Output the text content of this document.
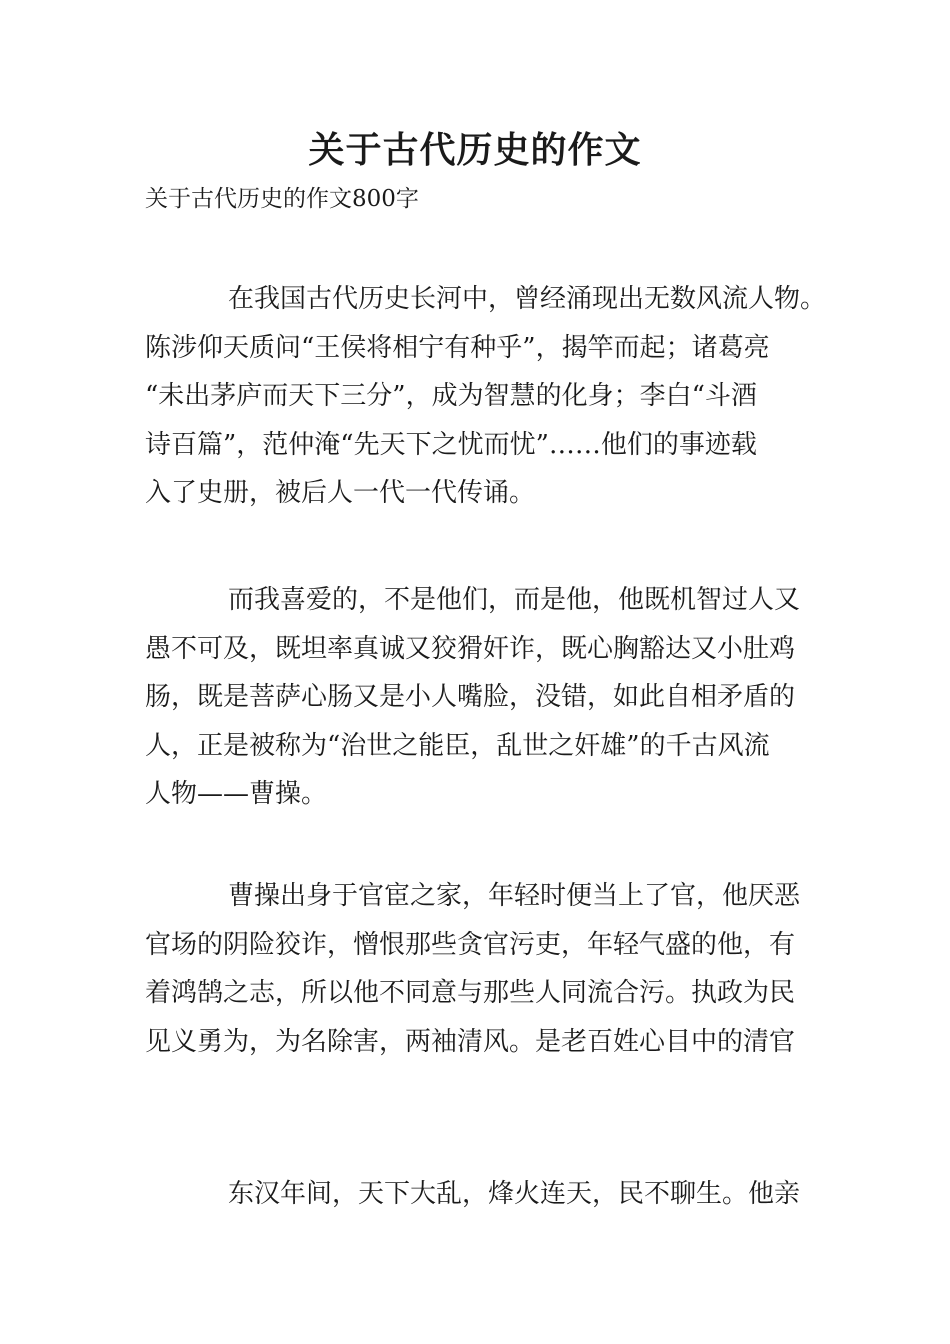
关于古代历史的作文
关于古代历史的作文800字
在我国古代历史长河中，曾经涌现出无数风流人物。
陈涉仰天质问“王侯将相宁有种乎”，揭竿而起；诸葛亮
“未出茅庐而天下三分”，成为智慧的化身；李白“斗酒
诗百篇”，范仲淹“先天下之忧而忧”……他们的事迹载
入了史册，被后人一代一代传诵。
而我喜爱的，不是他们，而是他，他既机智过人又
愚不可及，既坦率真诚又狡猾奸诈，既心胸豁达又小肚鸡
肠，既是菩萨心肠又是小人嘴脸，没错，如此自相矛盾的
人，正是被称为“治世之能臣，乱世之奸雄”的千古风流
人物——曹操。
曹操出身于官宦之家，年轻时便当上了官，他厌恶
官场的阴险狡诈，憎恨那些贪官污吏，年轻气盛的他，有
着鸿鹄之志，所以他不同意与那些人同流合污。执政为民
见义勇为，为名除害，两袖清风。是老百姓心目中的清官
东汉年间，天下大乱，烽火连天，民不聊生。他亲
